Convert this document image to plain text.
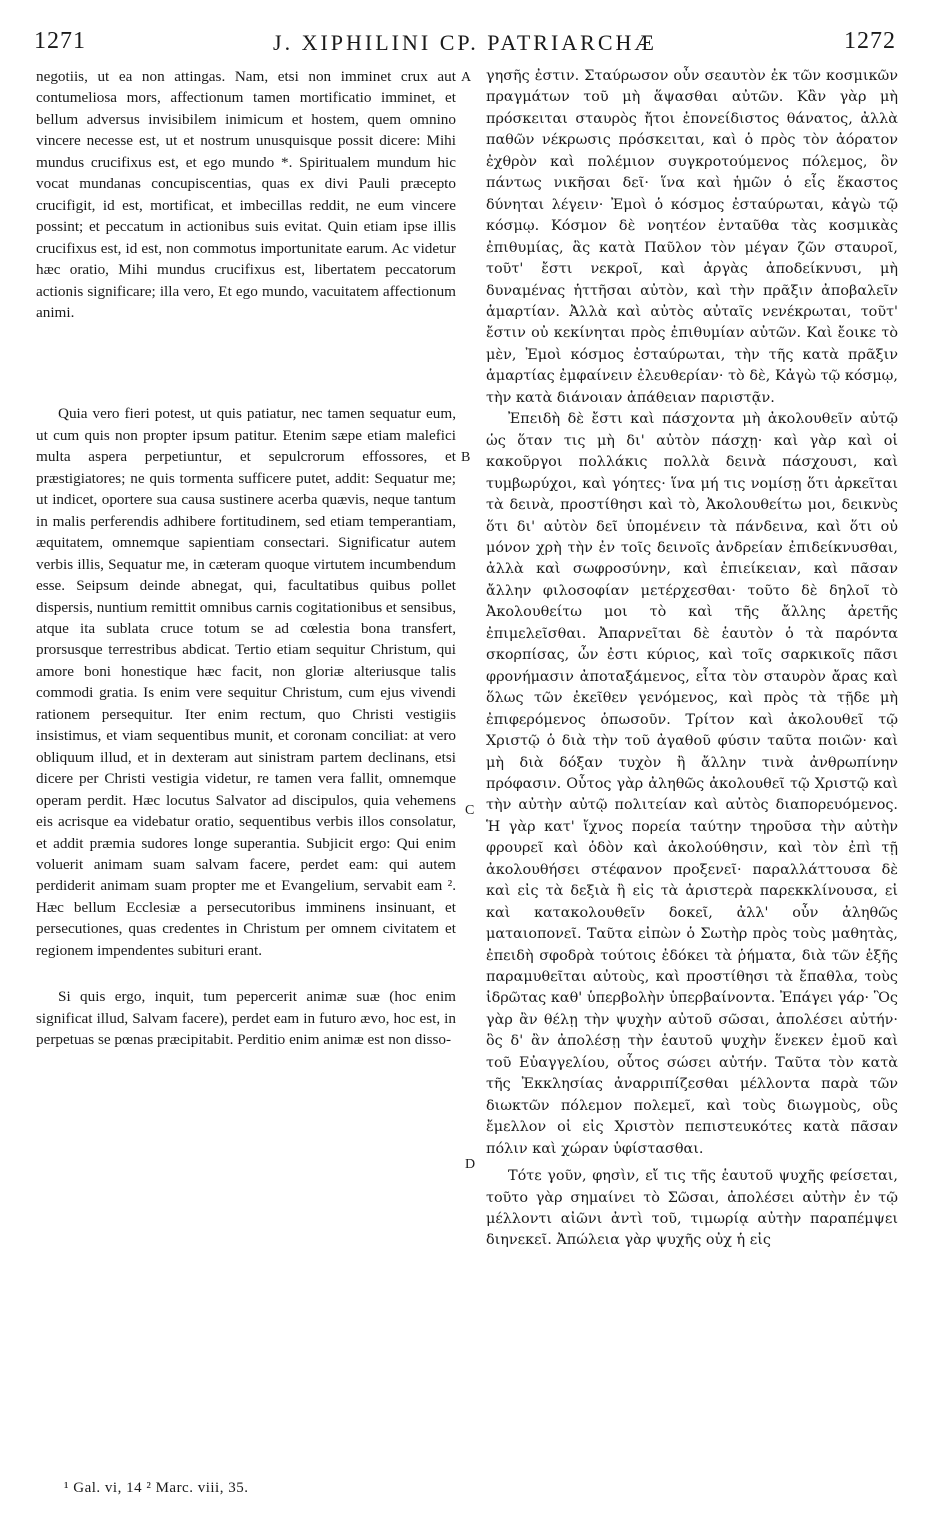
1271	J. XIPHILINI CP. PATRIARCHÆ	1272

negotiis, ut ea non attingas. Nam, etsi non imminet crux aut contumeliosa mors, affectionum tamen mortificatio imminet, et bellum adversus invisibilem inimicum et hostem, quem omnino vincere necesse est, ut et nostrum unusquisque possit dicere: Mihi mundus crucifixus est, et ego mundo *. Spiritualem mundum hic vocat mundanas concupiscentias, quas ex divi Pauli præcepto crucifigit, id est, mortificat, et imbecillas reddit, ne eum vincere possint; et peccatum in actionibus suis evitat. Quin etiam ipse illis crucifixus est, id est, non commotus importunitate earum. Ac videtur hæc oratio, Mihi mundus crucifixus est, libertatem peccatorum actionis significare; illa vero, Et ego mundo, vacuitatem affectionum animi.

Quia vero fieri potest, ut quis patiatur, nec tamen sequatur eum, ut cum quis non propter ipsum patitur. Etenim sæpe etiam malefici multa aspera perpetiuntur, et sepulcrorum effossores, et præstigiatores; ne quis tormenta sufficere putet, addit: Sequatur me; ut indicet, oportere sua causa sustinere acerba quævis, neque tantum in malis perferendis adhibere fortitudinem, sed etiam temperantiam, æquitatem, omnemque sapientiam consectari. Significatur autem verbis illis, Sequatur me, in cæteram quoque virtutem incumbendum esse. Seipsum deinde abnegat, qui, facultatibus quibus pollet dispersis, nuntium remittit omnibus carnis cogitationibus et sensibus, atque ita sublata cruce totum se ad cœlestia bona transfert, prorsusque terrestribus abdicat. Tertio etiam sequitur Christum, qui amore boni honestique hæc facit, non gloriæ alteriusque talis commodi gratia. Is enim vere sequitur Christum, cum ejus vivendi rationem persequitur. Iter enim rectum, quo Christi vestigiis insistimus, et viam sequentibus munit, et coronam conciliat: at vero obliquum illud, et in dexteram aut sinistram partem declinans, etsi dicere per Christi vestigia videtur, re tamen vera fallit, omnemque operam perdit. Hæc locutus Salvator ad discipulos, quia vehemens eis acrisque ea videbatur oratio, sequentibus verbis illos consolatur, et addit præmia sudores longe superantia. Subjicit ergo: Qui enim voluerit animam suam salvam facere, perdet eam: qui autem perdiderit animam suam propter me et Evangelium, servabit eam ². Hæc bellum Ecclesiæ a persecutoribus imminens insinuant, et persecutiones, quas credentes in Christum per omnem civitatem et regionem impendentes subituri erant.

Si quis ergo, inquit, tum pepercerit animæ suæ (hoc enim significat illud, Salvam facere), perdet eam in futuro ævo, hoc est, in perpetuas se pœnas præcipitabit. Perditio enim animæ est non disso-

A
B
C
D

γησῆς ἐστιν. Σταύρωσον οὖν σεαυτὸν ἐκ τῶν κοσμικῶν πραγμάτων τοῦ μὴ ἅψασθαι αὐτῶν. Κἂν γὰρ μὴ πρόσκειται σταυρὸς ἤτοι ἐπονείδιστος θάνατος, ἀλλὰ παθῶν νέκρωσις πρόσκειται, καὶ ὁ πρὸς τὸν ἀόρατον ἐχθρὸν καὶ πολέμιον συγκροτούμενος πόλεμος, ὃν πάντως νικῆσαι δεῖ· ἵνα καὶ ἡμῶν ὁ εἷς ἕκαστος δύνηται λέγειν· Ἐμοὶ ὁ κόσμος ἐσταύρωται, κἀγὼ τῷ κόσμῳ. Κόσμον δὲ νοητέον ἐνταῦθα τὰς κοσμικὰς ἐπιθυμίας, ἃς κατὰ Παῦλον τὸν μέγαν ζῶν σταυροῖ, τοῦτ' ἔστι νεκροῖ, καὶ ἀργὰς ἀποδείκνυσι, μὴ δυναμένας ἡττῆσαι αὐτὸν, καὶ τὴν πρᾶξιν ἀποβαλεῖν ἁμαρτίαν. Ἀλλὰ καὶ αὐτὸς αὐταῖς νενέκρωται, τοῦτ' ἔστιν οὐ κεκίνηται πρὸς ἐπιθυμίαν αὐτῶν. Καὶ ἔοικε τὸ μὲν, Ἐμοὶ κόσμος ἐσταύρωται, τὴν τῆς κατὰ πρᾶξιν ἁμαρτίας ἐμφαίνειν ἐλευθερίαν· τὸ δὲ, Κἀγὼ τῷ κόσμῳ, τὴν κατὰ διάνοιαν ἀπάθειαν παριστᾷν.

Ἐπειδὴ δὲ ἔστι καὶ πάσχοντα μὴ ἀκολουθεῖν αὐτῷ ὡς ὅταν τις μὴ δι' αὐτὸν πάσχῃ· καὶ γὰρ καὶ οἱ κακοῦργοι πολλάκις πολλὰ δεινὰ πάσχουσι, καὶ τυμβωρύχοι, καὶ γόητες· ἵνα μή τις νομίσῃ ὅτι ἀρκεῖται τὰ δεινὰ, προστίθησι καὶ τὸ, Ἀκολουθείτω μοι, δεικνὺς ὅτι δι' αὐτὸν δεῖ ὑπομένειν τὰ πάνδεινα, καὶ ὅτι οὐ μόνον χρὴ τὴν ἐν τοῖς δεινοῖς ἀνδρείαν ἐπιδείκνυσθαι, ἀλλὰ καὶ σωφροσύνην, καὶ ἐπιείκειαν, καὶ πᾶσαν ἄλλην φιλοσοφίαν μετέρχεσθαι· τοῦτο δὲ δηλοῖ τὸ Ἀκολουθείτω μοι τὸ καὶ τῆς ἄλλης ἀρετῆς ἐπιμελεῖσθαι. Ἀπαρνεῖται δὲ ἑαυτὸν ὁ τὰ παρόντα σκορπίσας, ὧν ἐστι κύριος, καὶ τοῖς σαρκικοῖς πᾶσι φρονήμασιν ἀποταξάμενος, εἶτα τὸν σταυρὸν ἄρας καὶ ὅλως τῶν ἐκεῖθεν γενόμενος, καὶ πρὸς τὰ τῇδε μὴ ἐπιφερόμενος ὁπωσοῦν. Τρίτον καὶ ἀκολουθεῖ τῷ Χριστῷ ὁ διὰ τὴν τοῦ ἀγαθοῦ φύσιν ταῦτα ποιῶν· καὶ μὴ διὰ δόξαν τυχὸν ἢ ἄλλην τινὰ ἀνθρωπίνην πρόφασιν. Οὗτος γὰρ ἀληθῶς ἀκολουθεῖ τῷ Χριστῷ καὶ τὴν αὐτὴν αὐτῷ πολιτείαν καὶ αὐτὸς διαπορευόμενος. Ἡ γὰρ κατ' ἴχνος πορεία ταύτην τηροῦσα τὴν αὐτὴν φρουρεῖ καὶ ὁδὸν καὶ ἀκολούθησιν, καὶ τὸν ἐπὶ τῇ ἀκολουθήσει στέφανον προξενεῖ· παραλλάττουσα δὲ καὶ εἰς τὰ δεξιὰ ἢ εἰς τὰ ἀριστερὰ παρεκκλίνουσα, εἰ καὶ κατακολουθεῖν δοκεῖ, ἀλλ' οὖν ἀληθῶς ματαιοπονεῖ. Ταῦτα εἰπὼν ὁ Σωτὴρ πρὸς τοὺς μαθητὰς, ἐπειδὴ σφοδρὰ τούτοις ἐδόκει τὰ ῥήματα, διὰ τῶν ἑξῆς παραμυθεῖται αὐτοὺς, καὶ προστίθησι τὰ ἔπαθλα, τοὺς ἱδρῶτας καθ' ὑπερβολὴν ὑπερβαίνοντα. Ἐπάγει γάρ· Ὃς γὰρ ἂν θέλῃ τὴν ψυχὴν αὐτοῦ σῶσαι, ἀπολέσει αὐτήν· ὃς δ' ἂν ἀπολέσῃ τὴν ἑαυτοῦ ψυχὴν ἕνεκεν ἐμοῦ καὶ τοῦ Εὐαγγελίου, οὗτος σώσει αὐτήν. Ταῦτα τὸν κατὰ τῆς Ἐκκλησίας ἀναρριπίζεσθαι μέλλοντα παρὰ τῶν διωκτῶν πόλεμον πολεμεῖ, καὶ τοὺς διωγμοὺς, οὓς ἔμελλον οἱ εἰς Χριστὸν πεπιστευκότες κατὰ πᾶσαν πόλιν καὶ χώραν ὑφίστασθαι.

Τότε γοῦν, φησὶν, εἴ τις τῆς ἑαυτοῦ ψυχῆς φείσεται, τοῦτο γὰρ σημαίνει τὸ Σῶσαι, ἀπολέσει αὐτὴν ἐν τῷ μέλλοντι αἰῶνι ἀντὶ τοῦ, τιμωρίᾳ αὐτὴν παραπέμψει διηνεκεῖ. Ἀπώλεια γὰρ ψυχῆς οὐχ ἡ εἰς

¹ Gal. vi, 14 ² Marc. viii, 35.
